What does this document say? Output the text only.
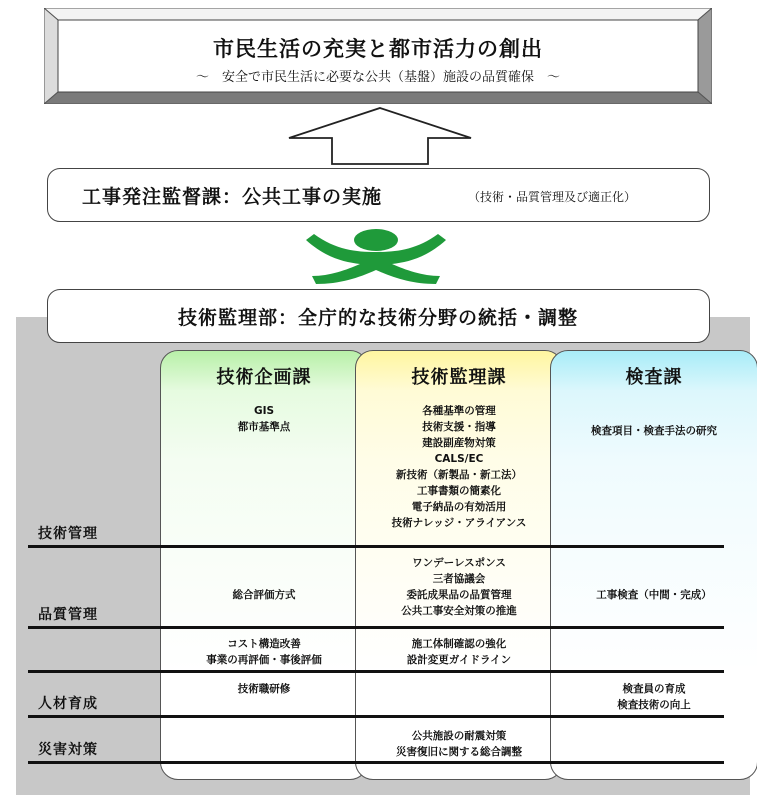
市民生活の充実と都市活力の創出
～　安全で市民生活に必要な公共（基盤）施設の品質確保　～
工事発注監督課：公共工事の実施	（技術・品質管理及び適正化）
技術監理部：全庁的な技術分野の統括・調整
技術企画課
GIS
都市基準点
総合評価方式
コスト構造改善
事業の再評価・事後評価
技術職研修
技術監理課
各種基準の管理
技術支援・指導
建設副産物対策
CALS/EC
新技術（新製品・新工法）
工事書類の簡素化
電子納品の有効活用
技術ナレッジ・アライアンス
ワンデーレスポンス
三者協議会
委託成果品の品質管理
公共工事安全対策の推進
施工体制確認の強化
設計変更ガイドライン
公共施設の耐震対策
災害復旧に関する総合調整
検査課
検査項目・検査手法の研究
工事検査（中間・完成）
検査員の育成
検査技術の向上
技術管理
品質管理
人材育成
災害対策
